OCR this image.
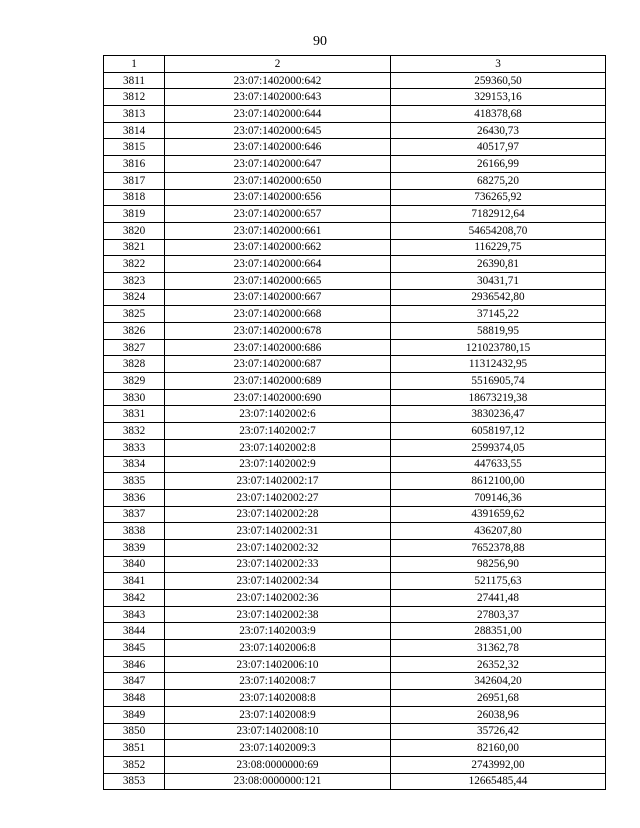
90
1	2	3
3811	23:07:1402000:642	259360,50
3812	23:07:1402000:643	329153,16
3813	23:07:1402000:644	418378,68
3814	23:07:1402000:645	26430,73
3815	23:07:1402000:646	40517,97
3816	23:07:1402000:647	26166,99
3817	23:07:1402000:650	68275,20
3818	23:07:1402000:656	736265,92
3819	23:07:1402000:657	7182912,64
3820	23:07:1402000:661	54654208,70
3821	23:07:1402000:662	116229,75
3822	23:07:1402000:664	26390,81
3823	23:07:1402000:665	30431,71
3824	23:07:1402000:667	2936542,80
3825	23:07:1402000:668	37145,22
3826	23:07:1402000:678	58819,95
3827	23:07:1402000:686	121023780,15
3828	23:07:1402000:687	11312432,95
3829	23:07:1402000:689	5516905,74
3830	23:07:1402000:690	18673219,38
3831	23:07:1402002:6	3830236,47
3832	23:07:1402002:7	6058197,12
3833	23:07:1402002:8	2599374,05
3834	23:07:1402002:9	447633,55
3835	23:07:1402002:17	8612100,00
3836	23:07:1402002:27	709146,36
3837	23:07:1402002:28	4391659,62
3838	23:07:1402002:31	436207,80
3839	23:07:1402002:32	7652378,88
3840	23:07:1402002:33	98256,90
3841	23:07:1402002:34	521175,63
3842	23:07:1402002:36	27441,48
3843	23:07:1402002:38	27803,37
3844	23:07:1402003:9	288351,00
3845	23:07:1402006:8	31362,78
3846	23:07:1402006:10	26352,32
3847	23:07:1402008:7	342604,20
3848	23:07:1402008:8	26951,68
3849	23:07:1402008:9	26038,96
3850	23:07:1402008:10	35726,42
3851	23:07:1402009:3	82160,00
3852	23:08:0000000:69	2743992,00
3853	23:08:0000000:121	12665485,44
